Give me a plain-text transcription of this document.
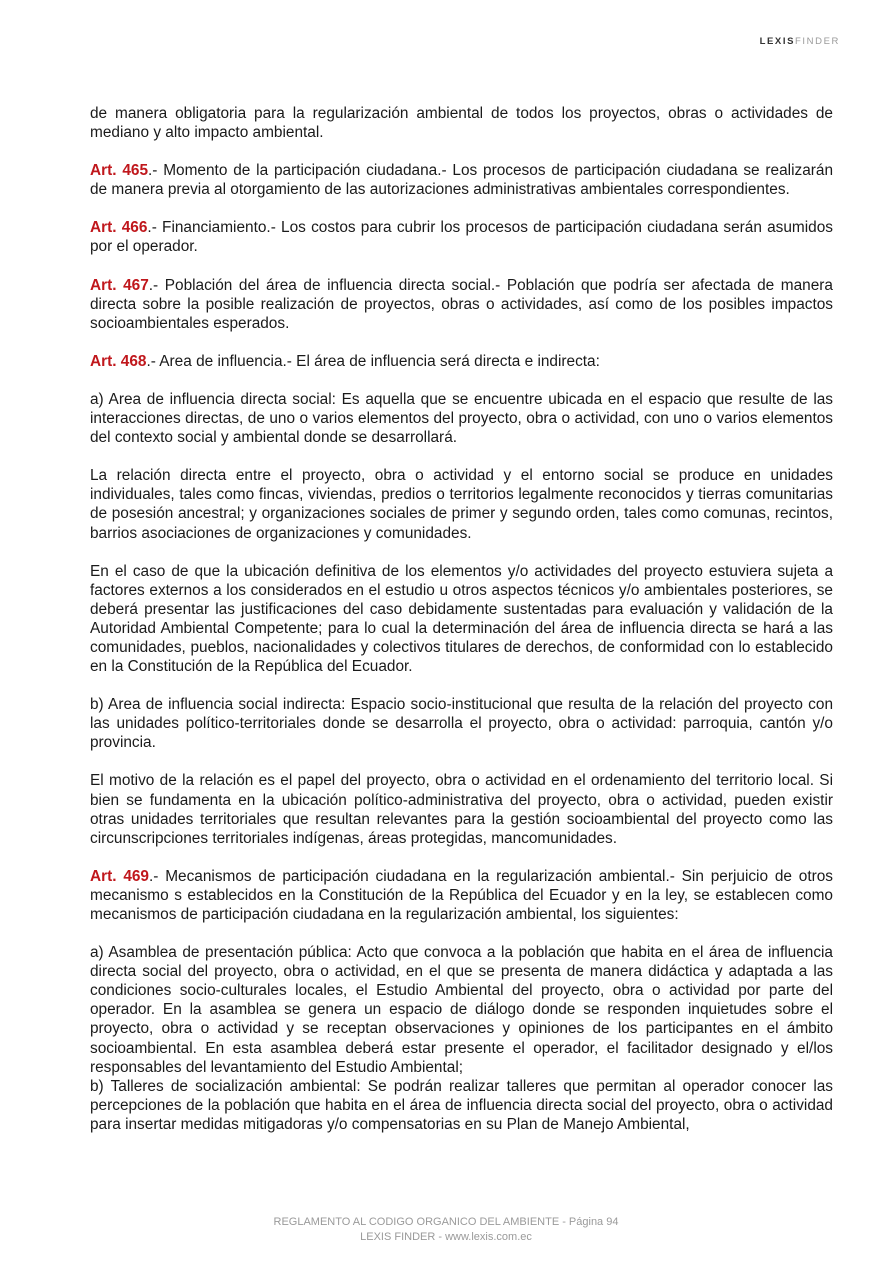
LEXISFINDER

de manera obligatoria para la regularización ambiental de todos los proyectos, obras o actividades de mediano y alto impacto ambiental.

Art. 465.- Momento de la participación ciudadana.- Los procesos de participación ciudadana se realizarán de manera previa al otorgamiento de las autorizaciones administrativas ambientales correspondientes.

Art. 466.- Financiamiento.- Los costos para cubrir los procesos de participación ciudadana serán asumidos por el operador.

Art. 467.- Población del área de influencia directa social.- Población que podría ser afectada de manera directa sobre la posible realización de proyectos, obras o actividades, así como de los posibles impactos socioambientales esperados.

Art. 468.- Area de influencia.- El área de influencia será directa e indirecta:

a) Area de influencia directa social: Es aquella que se encuentre ubicada en el espacio que resulte de las interacciones directas, de uno o varios elementos del proyecto, obra o actividad, con uno o varios elementos del contexto social y ambiental donde se desarrollará.

La relación directa entre el proyecto, obra o actividad y el entorno social se produce en unidades individuales, tales como fincas, viviendas, predios o territorios legalmente reconocidos y tierras comunitarias de posesión ancestral; y organizaciones sociales de primer y segundo orden, tales como comunas, recintos, barrios asociaciones de organizaciones y comunidades.

En el caso de que la ubicación definitiva de los elementos y/o actividades del proyecto estuviera sujeta a factores externos a los considerados en el estudio u otros aspectos técnicos y/o ambientales posteriores, se deberá presentar las justificaciones del caso debidamente sustentadas para evaluación y validación de la Autoridad Ambiental Competente; para lo cual la determinación del área de influencia directa se hará a las comunidades, pueblos, nacionalidades y colectivos titulares de derechos, de conformidad con lo establecido en la Constitución de la República del Ecuador.

b) Area de influencia social indirecta: Espacio socio-institucional que resulta de la relación del proyecto con las unidades político-territoriales donde se desarrolla el proyecto, obra o actividad: parroquia, cantón y/o provincia.

El motivo de la relación es el papel del proyecto, obra o actividad en el ordenamiento del territorio local. Si bien se fundamenta en la ubicación político-administrativa del proyecto, obra o actividad, pueden existir otras unidades territoriales que resultan relevantes para la gestión socioambiental del proyecto como las circunscripciones territoriales indígenas, áreas protegidas, mancomunidades.

Art. 469.- Mecanismos de participación ciudadana en la regularización ambiental.- Sin perjuicio de otros mecanismo s establecidos en la Constitución de la República del Ecuador y en la ley, se establecen como mecanismos de participación ciudadana en la regularización ambiental, los siguientes:

a) Asamblea de presentación pública: Acto que convoca a la población que habita en el área de influencia directa social del proyecto, obra o actividad, en el que se presenta de manera didáctica y adaptada a las condiciones socio-culturales locales, el Estudio Ambiental del proyecto, obra o actividad por parte del operador. En la asamblea se genera un espacio de diálogo donde se responden inquietudes sobre el proyecto, obra o actividad y se receptan observaciones y opiniones de los participantes en el ámbito socioambiental. En esta asamblea deberá estar presente el operador, el facilitador designado y el/los responsables del levantamiento del Estudio Ambiental;

b) Talleres de socialización ambiental: Se podrán realizar talleres que permitan al operador conocer las percepciones de la población que habita en el área de influencia directa social del proyecto, obra o actividad para insertar medidas mitigadoras y/o compensatorias en su Plan de Manejo Ambiental,

REGLAMENTO AL CODIGO ORGANICO DEL AMBIENTE - Página 94
LEXIS FINDER - www.lexis.com.ec
